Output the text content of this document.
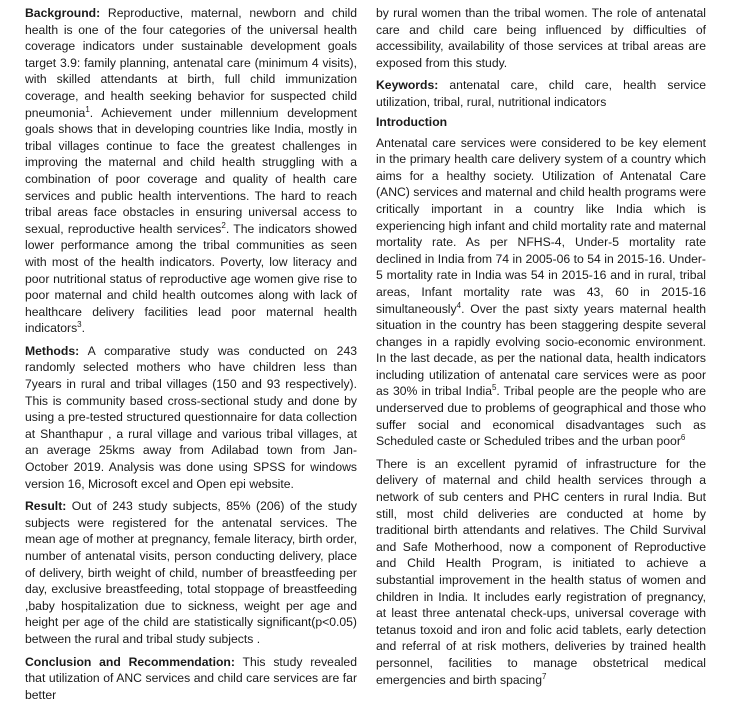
Background: Reproductive, maternal, newborn and child health is one of the four categories of the universal health coverage indicators under sustainable development goals target 3.9: family planning, antenatal care (minimum 4 visits), with skilled attendants at birth, full child immunization coverage, and health seeking behavior for suspected child pneumonia$^1$. Achievement under millennium development goals shows that in developing countries like India, mostly in tribal villages continue to face the greatest challenges in improving the maternal and child health struggling with a combination of poor coverage and quality of health care services and public health interventions. The hard to reach tribal areas face obstacles in ensuring universal access to sexual, reproductive health services$^2$. The indicators showed lower performance among the tribal communities as seen with most of the health indicators. Poverty, low literacy and poor nutritional status of reproductive age women give rise to poor maternal and child health outcomes along with lack of healthcare delivery facilities lead poor maternal health indicators$^3$.

Methods: A comparative study was conducted on 243 randomly selected mothers who have children less than 7years in rural and tribal villages (150 and 93 respectively). This is community based cross-sectional study and done by using a pre-tested structured questionnaire for data collection at Shanthapur , a rural village and various tribal villages, at an average 25kms away from Adilabad town from Jan-October 2019. Analysis was done using SPSS for windows version 16, Microsoft excel and Open epi website.

Result: Out of 243 study subjects, 85% (206) of the study subjects were registered for the antenatal services. The mean age of mother at pregnancy, female literacy, birth order, number of antenatal visits, person conducting delivery, place of delivery, birth weight of child, number of breastfeeding per day, exclusive breastfeeding, total stoppage of breastfeeding ,baby hospitalization due to sickness, weight per age and height per age of the child are statistically significant(p<0.05) between the rural and tribal study subjects .

Conclusion and Recommendation: This study revealed that utilization of ANC services and child care services are far better

by rural women than the tribal women. The role of antenatal care and child care being influenced by difficulties of accessibility, availability of those services at tribal areas are exposed from this study.

Keywords: antenatal care, child care, health service utilization, tribal, rural, nutritional indicators

Introduction

Antenatal care services were considered to be key element in the primary health care delivery system of a country which aims for a healthy society. Utilization of Antenatal Care (ANC) services and maternal and child health programs were critically important in a country like India which is experiencing high infant and child mortality rate and maternal mortality rate. As per NFHS-4, Under-5 mortality rate declined in India from 74 in 2005-06 to 54 in 2015-16. Under-5 mortality rate in India was 54 in 2015-16 and in rural, tribal areas, Infant mortality rate was 43, 60 in 2015-16 simultaneously$^4$. Over the past sixty years maternal health situation in the country has been staggering despite several changes in a rapidly evolving socio-economic environment. In the last decade, as per the national data, health indicators including utilization of antenatal care services were as poor as 30% in tribal India$^5$. Tribal people are the people who are underserved due to problems of geographical and those who suffer social and economical disadvantages such as Scheduled caste or Scheduled tribes and the urban poor$^6$

There is an excellent pyramid of infrastructure for the delivery of maternal and child health services through a network of sub centers and PHC centers in rural India. But still, most child deliveries are conducted at home by traditional birth attendants and relatives. The Child Survival and Safe Motherhood, now a component of Reproductive and Child Health Program, is initiated to achieve a substantial improvement in the health status of women and children in India. It includes early registration of pregnancy, at least three antenatal check-ups, universal coverage with tetanus toxoid and iron and folic acid tablets, early detection and referral of at risk mothers, deliveries by trained health personnel, facilities to manage obstetrical medical emergencies and birth spacing$^7$
